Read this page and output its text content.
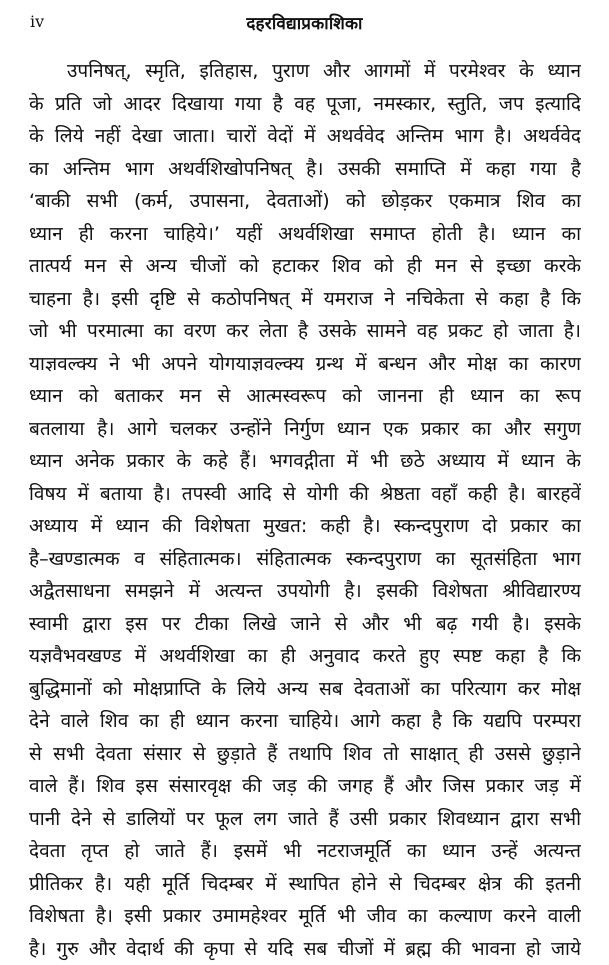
iv	दहरविद्याप्रकाशिका
उपनिषत्, स्मृति, इतिहास, पुराण और आगमों में परमेश्वर के ध्यान
के प्रति जो आदर दिखाया गया है वह पूजा, नमस्कार, स्तुति, जप इत्यादि
के लिये नहीं देखा जाता। चारों वेदों में अथर्ववेद अन्तिम भाग है। अथर्ववेद
का अन्तिम भाग अथर्वशिखोपनिषत् है। उसकी समाप्ति में कहा गया है
‘बाकी सभी (कर्म, उपासना, देवताओं) को छोड़कर एकमात्र शिव का
ध्यान ही करना चाहिये।’ यहीं अथर्वशिखा समाप्त होती है। ध्यान का
तात्पर्य मन से अन्य चीजों को हटाकर शिव को ही मन से इच्छा करके
चाहना है। इसी दृष्टि से कठोपनिषत् में यमराज ने नचिकेता से कहा है कि
जो भी परमात्मा का वरण कर लेता है उसके सामने वह प्रकट हो जाता है।
याज्ञवल्क्य ने भी अपने योगयाज्ञवल्क्य ग्रन्थ में बन्धन और मोक्ष का कारण
ध्यान को बताकर मन से आत्मस्वरूप को जानना ही ध्यान का रूप
बतलाया है। आगे चलकर उन्होंने निर्गुण ध्यान एक प्रकार का और सगुण
ध्यान अनेक प्रकार के कहे हैं। भगवद्गीता में भी छठे अध्याय में ध्यान के
विषय में बताया है। तपस्वी आदि से योगी की श्रेष्ठता वहाँ कही है। बारहवें
अध्याय में ध्यान की विशेषता मुखत: कही है। स्कन्दपुराण दो प्रकार का
है–खण्डात्मक व संहितात्मक। संहितात्मक स्कन्दपुराण का सूतसंहिता भाग
अद्वैतसाधना समझने में अत्यन्त उपयोगी है। इसकी विशेषता श्रीविद्यारण्य
स्वामी द्वारा इस पर टीका लिखे जाने से और भी बढ़ गयी है। इसके
यज्ञवैभवखण्ड में अथर्वशिखा का ही अनुवाद करते हुए स्पष्ट कहा है कि
बुद्धिमानों को मोक्षप्राप्ति के लिये अन्य सब देवताओं का परित्याग कर मोक्ष
देने वाले शिव का ही ध्यान करना चाहिये। आगे कहा है कि यद्यपि परम्परा
से सभी देवता संसार से छुड़ाते हैं तथापि शिव तो साक्षात् ही उससे छुड़ाने
वाले हैं। शिव इस संसारवृक्ष की जड़ की जगह हैं और जिस प्रकार जड़ में
पानी देने से डालियों पर फूल लग जाते हैं उसी प्रकार शिवध्यान द्वारा सभी
देवता तृप्त हो जाते हैं। इसमें भी नटराजमूर्ति का ध्यान उन्हें अत्यन्त
प्रीतिकर है। यही मूर्ति चिदम्बर में स्थापित होने से चिदम्बर क्षेत्र की इतनी
विशेषता है। इसी प्रकार उमामहेश्वर मूर्ति भी जीव का कल्याण करने वाली
है। गुरु और वेदार्थ की कृपा से यदि सब चीजों में ब्रह्म की भावना हो जाये
